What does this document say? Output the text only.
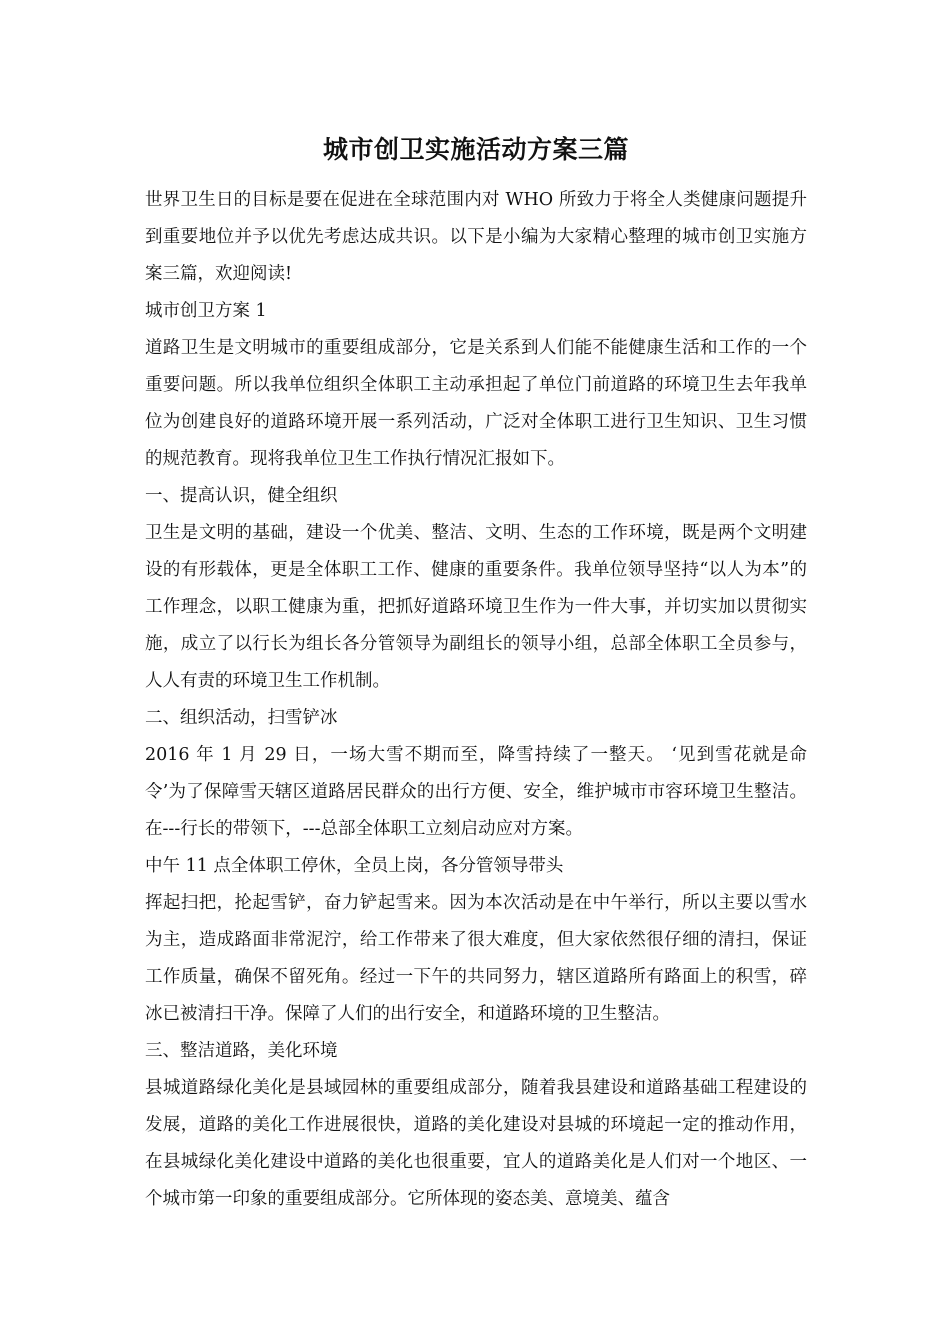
城市创卫实施活动方案三篇

世界卫生日的目标是要在促进在全球范围内对 WHO 所致力于将全人类健康问题提升到重要地位并予以优先考虑达成共识。以下是小编为大家精心整理的城市创卫实施方案三篇，欢迎阅读!

城市创卫方案 1

道路卫生是文明城市的重要组成部分，它是关系到人们能不能健康生活和工作的一个重要问题。所以我单位组织全体职工主动承担起了单位门前道路的环境卫生去年我单位为创建良好的道路环境开展一系列活动，广泛对全体职工进行卫生知识、卫生习惯的规范教育。现将我单位卫生工作执行情况汇报如下。

一、提高认识，健全组织

卫生是文明的基础，建设一个优美、整洁、文明、生态的工作环境，既是两个文明建设的有形载体，更是全体职工工作、健康的重要条件。我单位领导坚持“以人为本”的工作理念，以职工健康为重，把抓好道路环境卫生作为一件大事，并切实加以贯彻实施，成立了以行长为组长各分管领导为副组长的领导小组，总部全体职工全员参与，人人有责的环境卫生工作机制。

二、组织活动，扫雪铲冰

2016 年 1 月 29 日，一场大雪不期而至，降雪持续了一整天。 ‘见到雪花就是命令’为了保障雪天辖区道路居民群众的出行方便、安全，维护城市市容环境卫生整洁。在---行长的带领下，---总部全体职工立刻启动应对方案。

中午 11 点全体职工停休，全员上岗，各分管领导带头

挥起扫把，抡起雪铲，奋力铲起雪来。因为本次活动是在中午举行，所以主要以雪水为主，造成路面非常泥泞，给工作带来了很大难度，但大家依然很仔细的清扫，保证工作质量，确保不留死角。经过一下午的共同努力，辖区道路所有路面上的积雪，碎冰已被清扫干净。保障了人们的出行安全，和道路环境的卫生整洁。

三、整洁道路，美化环境

县城道路绿化美化是县域园林的重要组成部分，随着我县建设和道路基础工程建设的发展，道路的美化工作进展很快，道路的美化建设对县城的环境起一定的推动作用，在县城绿化美化建设中道路的美化也很重要，宜人的道路美化是人们对一个地区、一个城市第一印象的重要组成部分。它所体现的姿态美、意境美、蕴含
